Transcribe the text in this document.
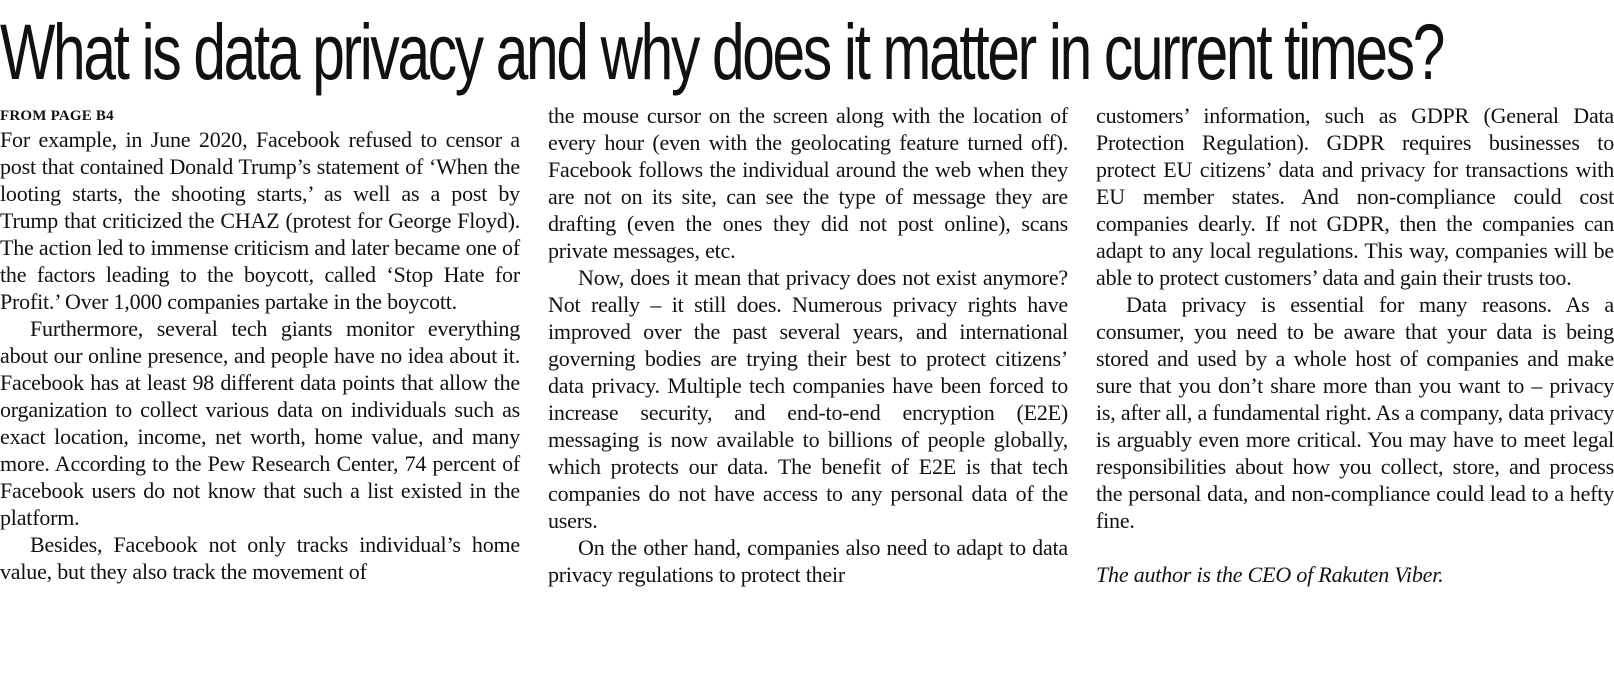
What is data privacy and why does it matter in current times?
FROM PAGE B4

For example, in June 2020, Facebook refused to censor a post that contained Donald Trump’s statement of ‘When the looting starts, the shooting starts,’ as well as a post by Trump that criticized the CHAZ (protest for George Floyd). The action led to immense criticism and later became one of the factors leading to the boycott, called ‘Stop Hate for Profit.’ Over 1,000 companies partake in the boycott.

Furthermore, several tech giants monitor everything about our online presence, and people have no idea about it. Facebook has at least 98 different data points that allow the organization to collect various data on individuals such as exact location, income, net worth, home value, and many more. According to the Pew Research Center, 74 percent of Facebook users do not know that such a list existed in the platform.

Besides, Facebook not only tracks individual’s home value, but they also track the movement of

the mouse cursor on the screen along with the location of every hour (even with the geolocating feature turned off). Facebook follows the individual around the web when they are not on its site, can see the type of message they are drafting (even the ones they did not post online), scans private messages, etc.

Now, does it mean that privacy does not exist anymore? Not really – it still does. Numerous privacy rights have improved over the past several years, and international governing bodies are trying their best to protect citizens’ data privacy. Multiple tech companies have been forced to increase security, and end-to-end encryption (E2E) messaging is now available to billions of people globally, which protects our data. The benefit of E2E is that tech companies do not have access to any personal data of the users.

On the other hand, companies also need to adapt to data privacy regulations to protect their

customers’ information, such as GDPR (General Data Protection Regulation). GDPR requires businesses to protect EU citizens’ data and privacy for transactions with EU member states. And non-compliance could cost companies dearly. If not GDPR, then the companies can adapt to any local regulations. This way, companies will be able to protect customers’ data and gain their trusts too.

Data privacy is essential for many reasons. As a consumer, you need to be aware that your data is being stored and used by a whole host of companies and make sure that you don’t share more than you want to – privacy is, after all, a fundamental right. As a company, data privacy is arguably even more critical. You may have to meet legal responsibilities about how you collect, store, and process the personal data, and non-compliance could lead to a hefty fine.

The author is the CEO of Rakuten Viber.
